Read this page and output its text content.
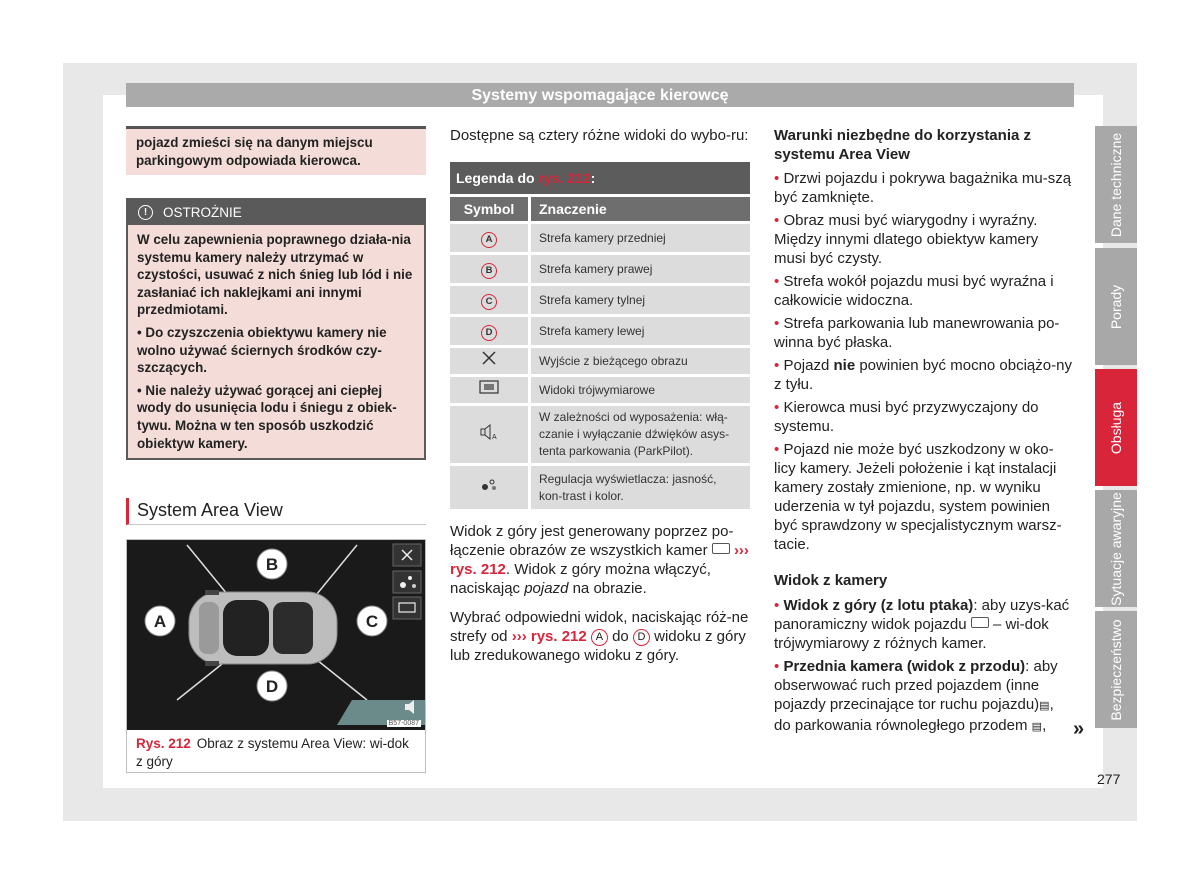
Systemy wspomagające kierowcę
pojazd zmieści się na danym miejscu parkingowym odpowiada kierowca.
! OSTROŻNIE

W celu zapewnienia poprawnego działa-nia systemu kamery należy utrzymać w czystości, usuwać z nich śnieg lub lód i nie zasłaniać ich naklejkami ani innymi przedmiotami.

• Do czyszczenia obiektywu kamery nie wolno używać ściernych środków czy-szczących.

• Nie należy używać gorącej ani ciepłej wody do usunięcia lodu i śniegu z obiek-tywu. Można w ten sposób uszkodzić obiektyw kamery.

System Area View
B
A	C
D
B57-0087
Rys. 212 Obraz z systemu Area View: wi-dok z góry

Dostępne są cztery różne widoki do wybo-ru:

Legenda do rys. 212:	
Symbol	Znaczenie
A	Strefa kamery przedniej
B	Strefa kamery prawej
C	Strefa kamery tylnej
D	Strefa kamery lewej
	Wyjście z bieżącego obrazu
	Widoki trójwymiarowe

A	W zależności od wyposażenia: włą-czanie i wyłączanie dźwięków asys-tenta parkowania (ParkPilot).
	Regulacja wyświetlacza: jasność, kon-trast i kolor.

Widok z góry jest generowany poprzez po-łączenie obrazów ze wszystkich kamer ››› rys. 212. Widok z góry można włączyć, naciskając pojazd na obrazie.

Wybrać odpowiedni widok, naciskając róż-ne strefy od ››› rys. 212 A do D widoku z góry lub zredukowanego widoku z góry.

Warunki niezbędne do korzystania z systemu Area View

• Drzwi pojazdu i pokrywa bagażnika mu-szą być zamknięte.

• Obraz musi być wiarygodny i wyraźny. Między innymi dlatego obiektyw kamery musi być czysty.

• Strefa wokół pojazdu musi być wyraźna i całkowicie widoczna.

• Strefa parkowania lub manewrowania po-winna być płaska.

• Pojazd nie powinien być mocno obciążo-ny z tyłu.

• Kierowca musi być przyzwyczajony do systemu.

• Pojazd nie może być uszkodzony w oko-licy kamery. Jeżeli położenie i kąt instalacji kamery zostały zmienione, np. w wyniku uderzenia w tył pojazdu, system powinien być sprawdzony w specjalistycznym warsz-tacie.

Widok z kamery

• Widok z góry (z lotu ptaka): aby uzys-kać panoramiczny widok pojazdu  – wi-dok trójwymiarowy z różnych kamer.

• Przednia kamera (widok z przodu): aby obserwować ruch przed pojazdem (inne pojazdy przecinające tor ruchu pojazdu)▤, do parkowania równoległego przodem ▤,	»
Dane techniczne
Porady
Obsługa
Sytuacje awaryjne
Bezpieczeństwo
277
